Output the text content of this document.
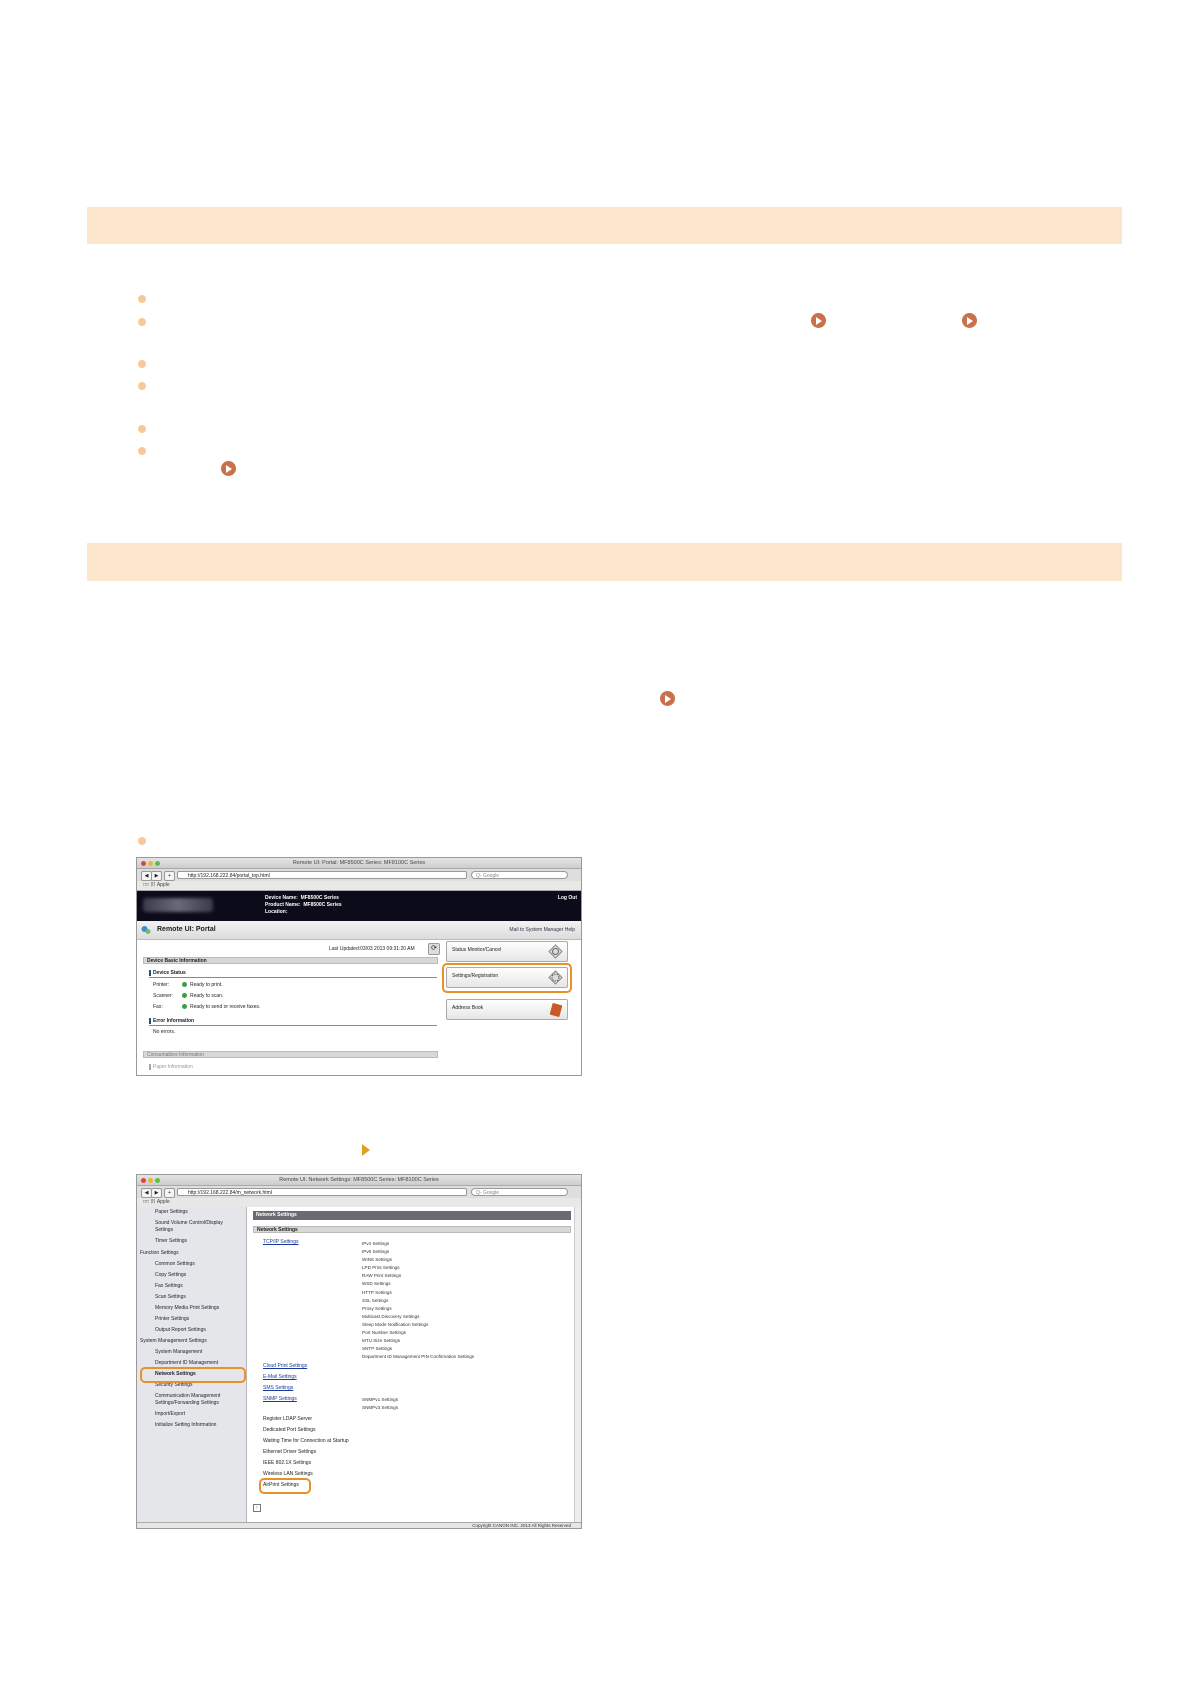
Remote UI: Portal: MF8500C Series: MF8100C Series
◀	▶	+	http://192.168.222.84/portal_top.html	Q- Google
□□ 田 Apple
Device Name: MF8500C Series
Product Name: MF8500C Series
Location:
Log Out
Remote UI: Portal	Mail to System Manager Help
Last Updated:03/03 2013 09:31:20 AM	⟳
Device Basic Information
Device Status
Printer:	Ready to print.
Scanner:	Ready to scan.
Fax:	Ready to send or receive faxes.
Error Information
No errors.
Consumables Information
Paper Information
Status Monitor/Cancel
Settings/Registration
Address Book
Remote UI: Network Settings: MF8500C Series: MF8100C Series
◀	▶	+	http://192.168.222.84/m_network.html	Q- Google
□□ 田 Apple
Paper Settings
Sound Volume Control/Display
Settings
Timer Settings
Function Settings
Common Settings
Copy Settings
Fax Settings
Scan Settings
Memory Media Print Settings
Printer Settings
Output Report Settings
System Management Settings
System Management
Department ID Management
Network Settings
Security Settings
Communication Management
Settings/Forwarding Settings
Import/Export
Initialize Setting Information
Network Settings
Network Settings
TCP/IP Settings	IPv4 Settings
IPv6 Settings
WINS Settings
LPD Print Settings
RAW Print Settings
WSD Settings
HTTP Settings
SSL Settings
Proxy Settings
Multicast Discovery Settings
Sleep Mode Notification Settings
Port Number Settings
MTU Size Settings
SNTP Settings
Department ID Management PIN Confirmation Settings
Cloud Print Settings
E-Mail Settings
SMS Settings
SNMP Settings	SNMPv1 Settings
SNMPv3 Settings
Register LDAP Server
Dedicated Port Settings
Waiting Time for Connection at Startup
Ethernet Driver Settings
IEEE 802.1X Settings
Wireless LAN Settings
AirPrint Settings
↑
Copyright CANON INC. 2013 All Rights Reserved
